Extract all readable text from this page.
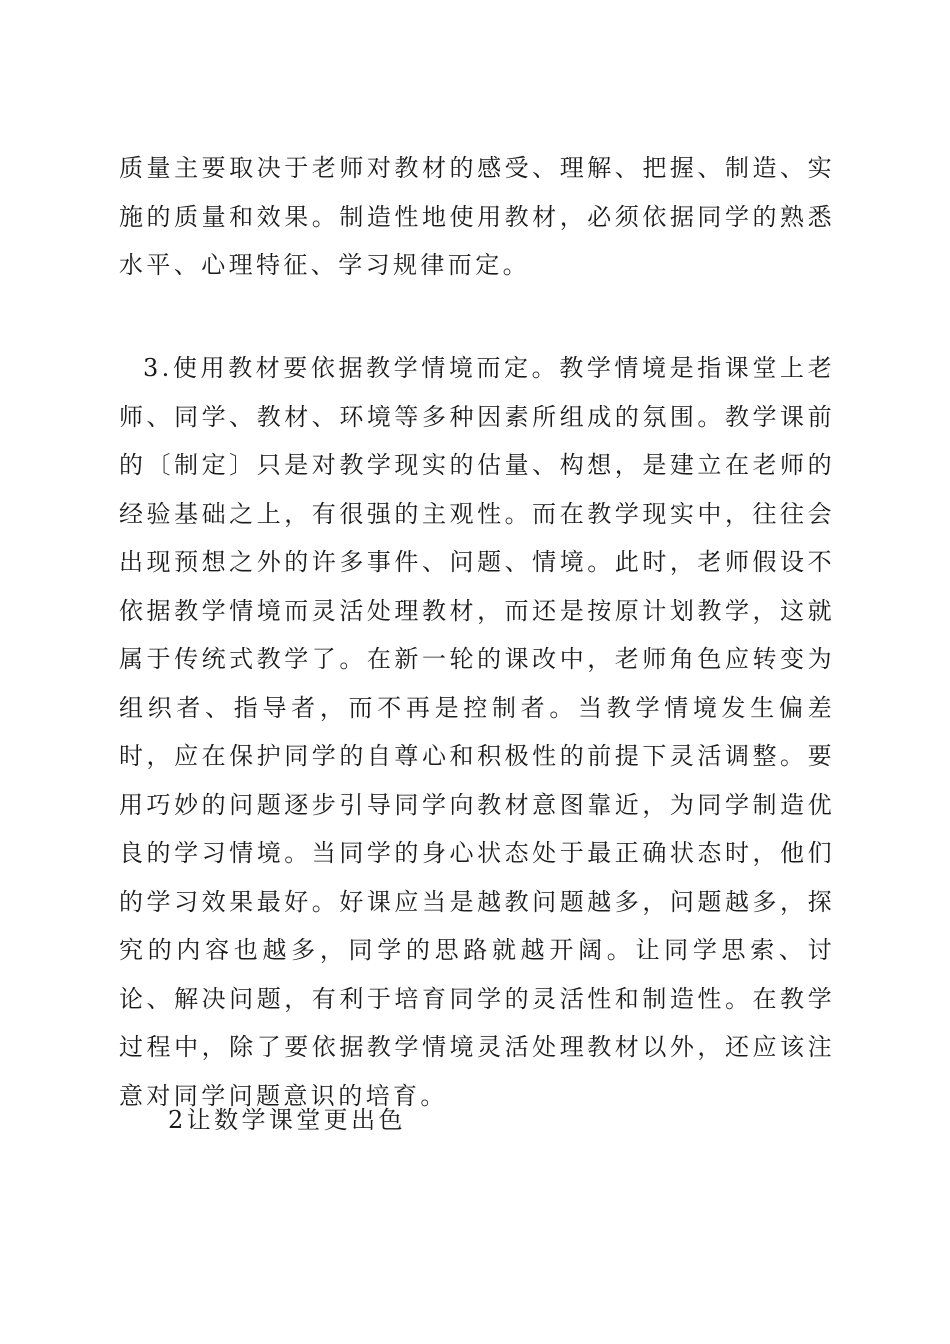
质量主要取决于老师对教材的感受、理解、把握、制造、实施的质量和效果。制造性地使用教材，必须依据同学的熟悉水平、心理特征、学习规律而定。

3.使用教材要依据教学情境而定。教学情境是指课堂上老师、同学、教材、环境等多种因素所组成的氛围。教学课前的〔制定〕只是对教学现实的估量、构想，是建立在老师的经验基础之上，有很强的主观性。而在教学现实中，往往会出现预想之外的许多事件、问题、情境。此时，老师假设不依据教学情境而灵活处理教材，而还是按原计划教学，这就属于传统式教学了。在新一轮的课改中，老师角色应转变为组织者、指导者，而不再是控制者。当教学情境发生偏差时，应在保护同学的自尊心和积极性的前提下灵活调整。要用巧妙的问题逐步引导同学向教材意图靠近，为同学制造优良的学习情境。当同学的身心状态处于最正确状态时，他们的学习效果最好。好课应当是越教问题越多，问题越多，探究的内容也越多，同学的思路就越开阔。让同学思索、讨论、解决问题，有利于培育同学的灵活性和制造性。在教学过程中，除了要依据教学情境灵活处理教材以外，还应该注意对同学问题意识的培育。

2让数学课堂更出色
